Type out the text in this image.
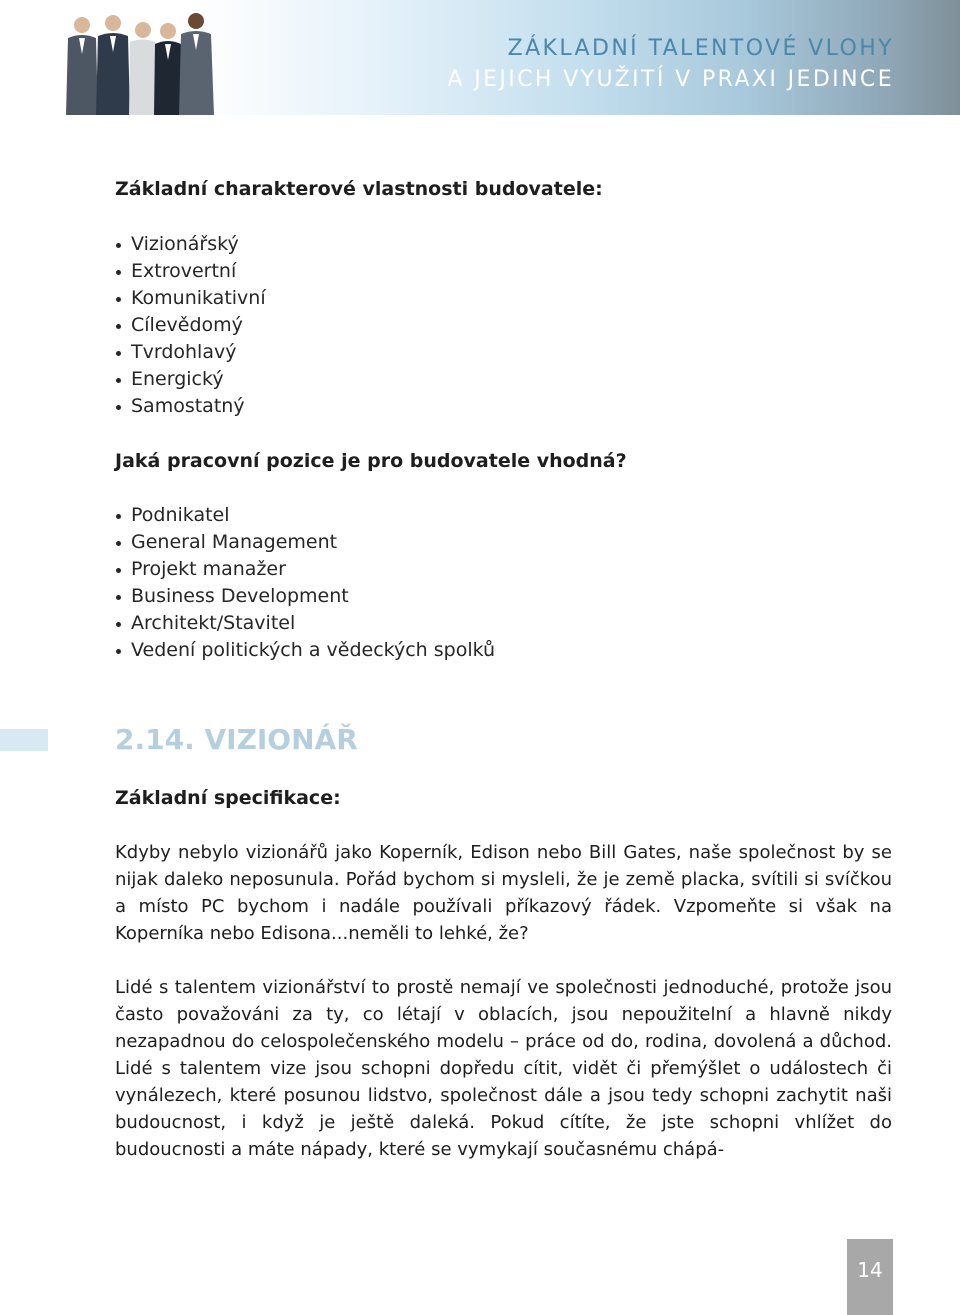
ZÁKLADNÍ TALENTOVÉ VLOHY
A JEJICH VYUŽITÍ V PRAXI JEDINCE
Základní charakterové vlastnosti budovatele:
Vizionářský
Extrovertní
Komunikativní
Cílevědomý
Tvrdohlavý
Energický
Samostatný
Jaká pracovní pozice je pro budovatele vhodná?
Podnikatel
General Management
Projekt manažer
Business Development
Architekt/Stavitel
Vedení politických a vědeckých spolků
2.14. VIZIONÁŘ
Základní specifikace:

Kdyby nebylo vizionářů jako Koperník, Edison nebo Bill Gates, naše společnost by se nijak daleko neposunula. Pořád bychom si mysleli, že je země placka, svítili si svíčkou a místo PC bychom i nadále používali příkazový řádek. Vzpomeňte si však na Koperníka nebo Edisona...neměli to lehké, že?

Lidé s talentem vizionářství to prostě nemají ve společnosti jednoduché, protože jsou často považováni za ty, co létají v oblacích, jsou nepoužitelní a hlavně nikdy nezapadnou do celospolečenského modelu – práce od do, rodina, dovolená a důchod. Lidé s talentem vize jsou schopni dopředu cítit, vidět či přemýšlet o událostech či vynálezech, které posunou lidstvo, společnost dále a jsou tedy schopni zachytit naši budoucnost, i když je ještě daleká. Pokud cítíte, že jste schopni vhlížet do budoucnosti a máte nápady, které se vymykají současnému chápá-

14
